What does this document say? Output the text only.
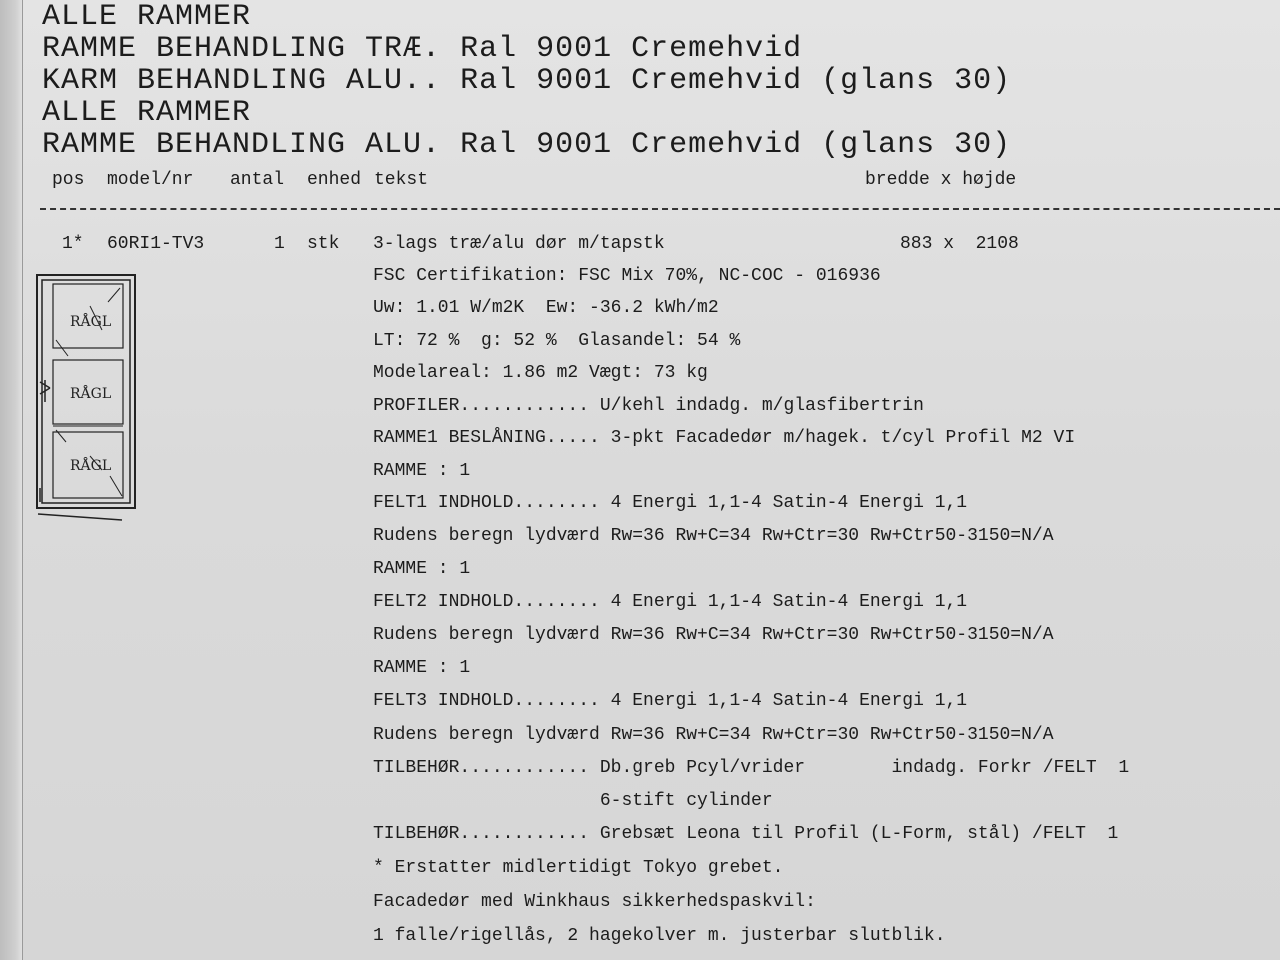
ALLE RAMMER
RAMME BEHANDLING TRÆ. Ral 9001 Cremehvid
KARM BEHANDLING ALU.. Ral 9001 Cremehvid (glans 30)
ALLE RAMMER
RAMME BEHANDLING ALU. Ral 9001 Cremehvid (glans 30)
pos model/nr antal enhed tekst	bredde x højde
1* 60RI1-TV3	1 stk 3-lags træ/alu dør m/tapstk	883 x  2108
FSC Certifikation: FSC Mix 70%, NC-COC - 016936
Uw: 1.01 W/m2K  Ew: -36.2 kWh/m2
LT: 72 %  g: 52 %  Glasandel: 54 %
Modelareal: 1.86 m2 Vægt: 73 kg
PROFILER............ U/kehl indadg. m/glasfibertrin
RAMME1 BESLÅNING..... 3-pkt Facadedør m/hagek. t/cyl Profil M2 VI
RAMME : 1
FELT1 INDHOLD........ 4 Energi 1,1-4 Satin-4 Energi 1,1
Rudens beregn lydværd Rw=36 Rw+C=34 Rw+Ctr=30 Rw+Ctr50-3150=N/A
RAMME : 1
FELT2 INDHOLD........ 4 Energi 1,1-4 Satin-4 Energi 1,1
Rudens beregn lydværd Rw=36 Rw+C=34 Rw+Ctr=30 Rw+Ctr50-3150=N/A
RAMME : 1
FELT3 INDHOLD........ 4 Energi 1,1-4 Satin-4 Energi 1,1
Rudens beregn lydværd Rw=36 Rw+C=34 Rw+Ctr=30 Rw+Ctr50-3150=N/A
TILBEHØR............ Db.greb Pcyl/vrider        indadg. Forkr /FELT  1
6-stift cylinder
TILBEHØR............ Grebsæt Leona til Profil (L-Form, stål) /FELT  1
* Erstatter midlertidigt Tokyo grebet.
Facadedør med Winkhaus sikkerhedspaskvil:
1 falle/rigellås, 2 hagekolver m. justerbar slutblik.
RÅGL
RÅGL
RÅGL
